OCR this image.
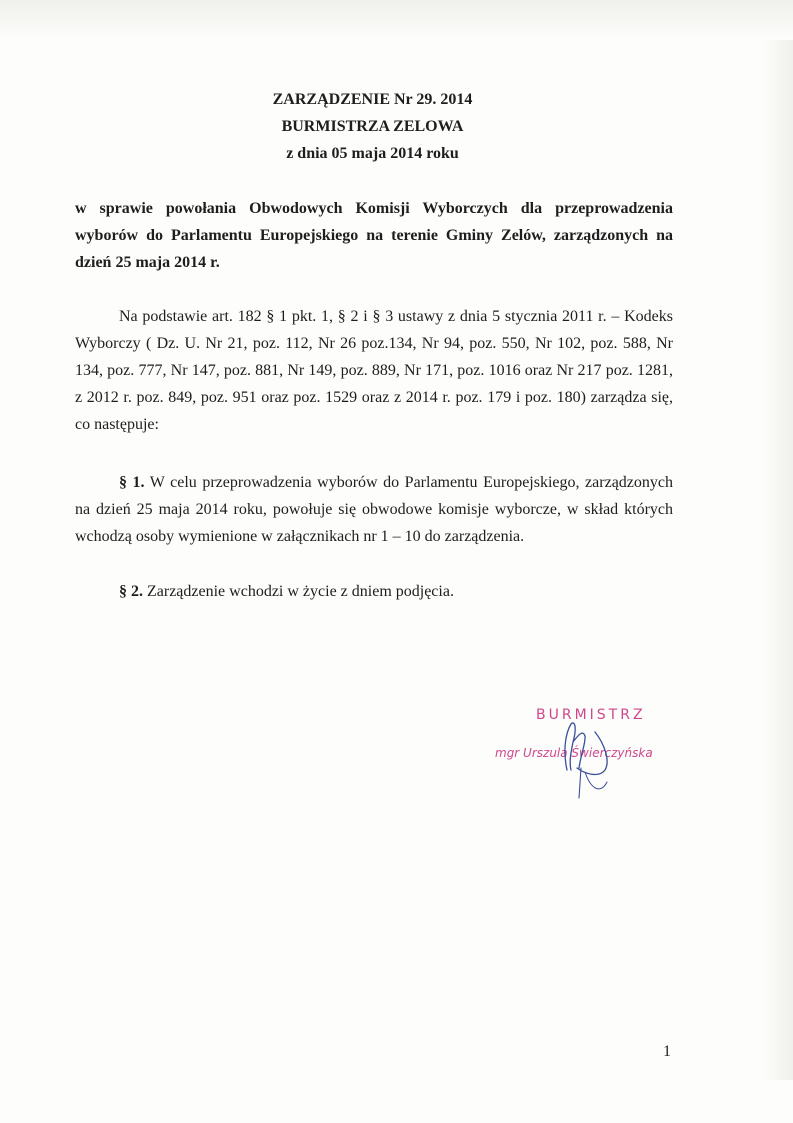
ZARZĄDZENIE Nr 29. 2014
BURMISTRZA ZELOWA
z dnia 05 maja 2014 roku
w sprawie powołania Obwodowych Komisji Wyborczych dla przeprowadzenia wyborów do Parlamentu Europejskiego na terenie Gminy Zelów, zarządzonych na dzień 25 maja 2014 r.
Na podstawie art. 182 § 1 pkt. 1, § 2 i § 3 ustawy z dnia 5 stycznia 2011 r. – Kodeks Wyborczy ( Dz. U. Nr 21, poz. 112, Nr 26 poz.134, Nr 94, poz. 550, Nr 102, poz. 588, Nr 134, poz. 777, Nr 147, poz. 881, Nr 149, poz. 889, Nr 171, poz. 1016 oraz Nr 217 poz. 1281, z 2012 r. poz. 849, poz. 951 oraz poz. 1529 oraz z 2014 r. poz. 179 i poz. 180) zarządza się, co następuje:
§ 1. W celu przeprowadzenia wyborów do Parlamentu Europejskiego, zarządzonych na dzień 25 maja 2014 roku, powołuje się obwodowe komisje wyborcze, w skład których wchodzą osoby wymienione w załącznikach nr 1 – 10 do zarządzenia.
§ 2. Zarządzenie wchodzi w życie z dniem podjęcia.
BURMISTRZ
mgr Urszula Świerczyńska
1
